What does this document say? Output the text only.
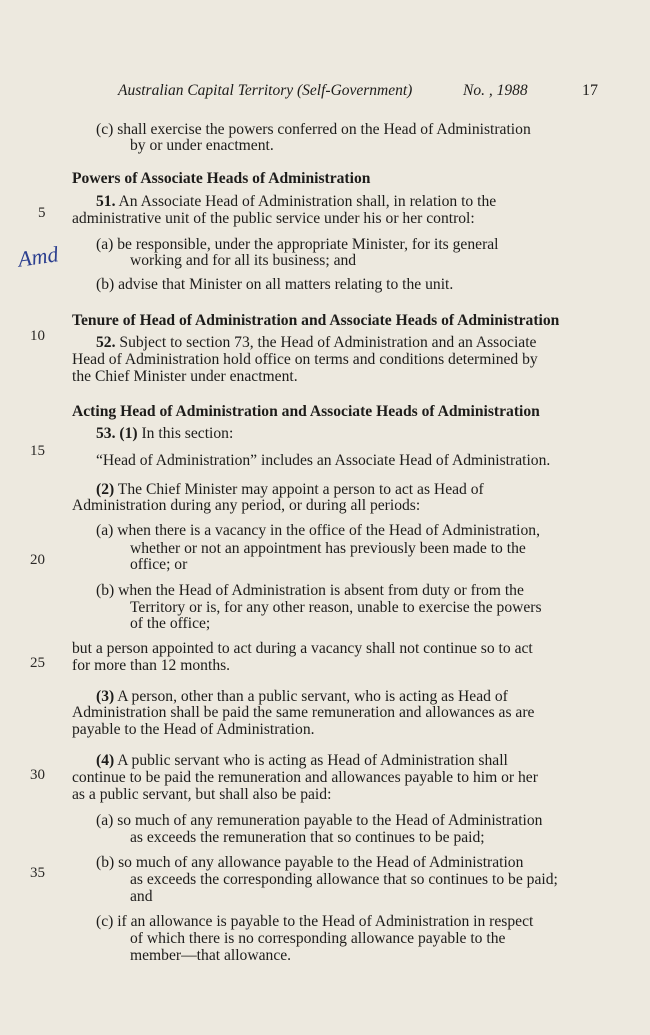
Australian Capital Territory (Self-Government)	No. , 1988	17
Amd
5
10
15
20
25
30
35
(c) shall exercise the powers conferred on the Head of Administration
by or under enactment.
Powers of Associate Heads of Administration
51. An Associate Head of Administration shall, in relation to the
administrative unit of the public service under his or her control:
(a) be responsible, under the appropriate Minister, for its general
working and for all its business; and
(b) advise that Minister on all matters relating to the unit.
Tenure of Head of Administration and Associate Heads of Administration
52. Subject to section 73, the Head of Administration and an Associate
Head of Administration hold office on terms and conditions determined by
the Chief Minister under enactment.
Acting Head of Administration and Associate Heads of Administration
53. (1) In this section:
“Head of Administration” includes an Associate Head of Administration.
(2) The Chief Minister may appoint a person to act as Head of
Administration during any period, or during all periods:
(a) when there is a vacancy in the office of the Head of Administration,
whether or not an appointment has previously been made to the
office; or
(b) when the Head of Administration is absent from duty or from the
Territory or is, for any other reason, unable to exercise the powers
of the office;
but a person appointed to act during a vacancy shall not continue so to act
for more than 12 months.
(3) A person, other than a public servant, who is acting as Head of
Administration shall be paid the same remuneration and allowances as are
payable to the Head of Administration.
(4) A public servant who is acting as Head of Administration shall
continue to be paid the remuneration and allowances payable to him or her
as a public servant, but shall also be paid:
(a) so much of any remuneration payable to the Head of Administration
as exceeds the remuneration that so continues to be paid;
(b) so much of any allowance payable to the Head of Administration
as exceeds the corresponding allowance that so continues to be paid;
and
(c) if an allowance is payable to the Head of Administration in respect
of which there is no corresponding allowance payable to the
member—that allowance.
